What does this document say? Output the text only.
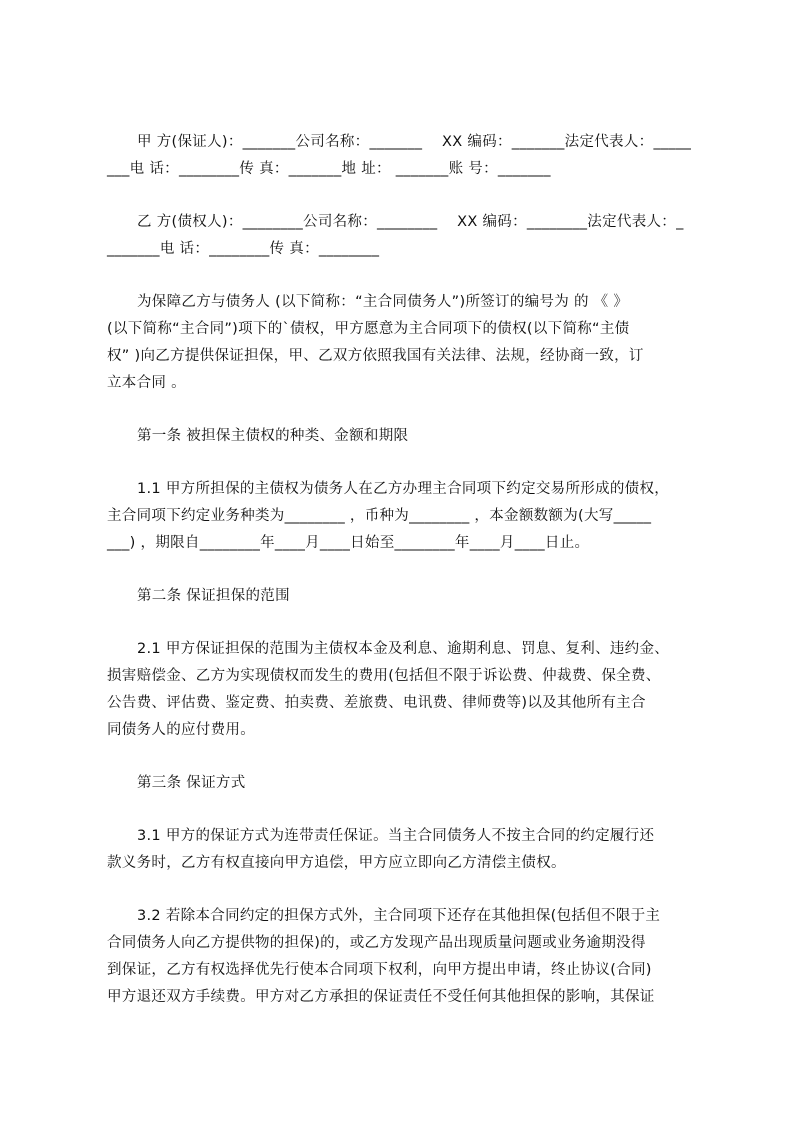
甲 方(保证人)：_______公司名称：_______　 XX 编码：_______法定代表人：_____
___电 话：________传 真：_______地 址： _______账 号：_______
乙 方(债权人)：________公司名称：________　 XX 编码：________法定代表人：_
_______电 话：________传 真：________
为保障乙方与债务人 (以下简称：“主合同债务人”)所签订的编号为 的 《 》
(以下简称“主合同”)项下的`债权，甲方愿意为主合同项下的债权(以下简称“主债
权” )向乙方提供保证担保，甲、乙双方依照我国有关法律、法规，经协商一致，订
立本合同 。
第一条 被担保主债权的种类、金额和期限
1.1 甲方所担保的主债权为债务人在乙方办理主合同项下约定交易所形成的债权，
主合同项下约定业务种类为________ ，币种为________ ，本金额数额为(大写_____
___) ，期限自________年____月____日始至________年____月____日止。
第二条 保证担保的范围
2.1 甲方保证担保的范围为主债权本金及利息、逾期利息、罚息、复利、违约金、
损害赔偿金、乙方为实现债权而发生的费用(包括但不限于诉讼费、仲裁费、保全费、
公告费、评估费、鉴定费、拍卖费、差旅费、电讯费、律师费等)以及其他所有主合
同债务人的应付费用。
第三条 保证方式
3.1 甲方的保证方式为连带责任保证。当主合同债务人不按主合同的约定履行还
款义务时，乙方有权直接向甲方追偿，甲方应立即向乙方清偿主债权。
3.2 若除本合同约定的担保方式外，主合同项下还存在其他担保(包括但不限于主
合同债务人向乙方提供物的担保)的，或乙方发现产品出现质量问题或业务逾期没得
到保证，乙方有权选择优先行使本合同项下权利，向甲方提出申请，终止协议(合同)
甲方退还双方手续费。甲方对乙方承担的保证责任不受任何其他担保的影响，其保证
